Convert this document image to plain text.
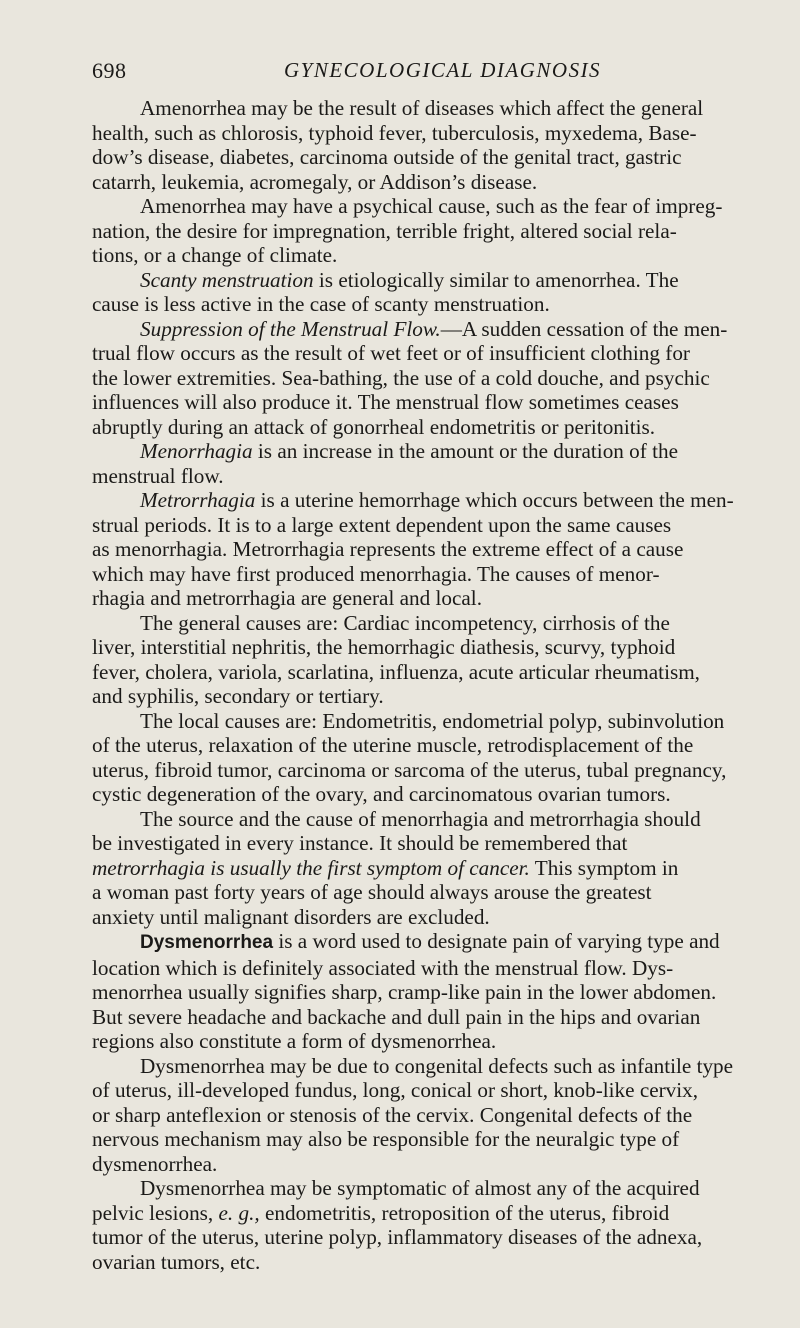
698	GYNECOLOGICAL DIAGNOSIS

Amenorrhea may be the result of diseases which affect the general
health, such as chlorosis, typhoid fever, tuberculosis, myxedema, Base-
dow’s disease, diabetes, carcinoma outside of the genital tract, gastric
catarrh, leukemia, acromegaly, or Addison’s disease.

Amenorrhea may have a psychical cause, such as the fear of impreg-
nation, the desire for impregnation, terrible fright, altered social rela-
tions, or a change of climate.

Scanty menstruation is etiologically similar to amenorrhea. The
cause is less active in the case of scanty menstruation.

Suppression of the Menstrual Flow.—A sudden cessation of the men-
trual flow occurs as the result of wet feet or of insufficient clothing for
the lower extremities. Sea-bathing, the use of a cold douche, and psychic
influences will also produce it. The menstrual flow sometimes ceases
abruptly during an attack of gonorrheal endometritis or peritonitis.

Menorrhagia is an increase in the amount or the duration of the
menstrual flow.

Metrorrhagia is a uterine hemorrhage which occurs between the men-
strual periods. It is to a large extent dependent upon the same causes
as menorrhagia. Metrorrhagia represents the extreme effect of a cause
which may have first produced menorrhagia. The causes of menor-
rhagia and metrorrhagia are general and local.

The general causes are: Cardiac incompetency, cirrhosis of the
liver, interstitial nephritis, the hemorrhagic diathesis, scurvy, typhoid
fever, cholera, variola, scarlatina, influenza, acute articular rheumatism,
and syphilis, secondary or tertiary.

The local causes are: Endometritis, endometrial polyp, subinvolution
of the uterus, relaxation of the uterine muscle, retrodisplacement of the
uterus, fibroid tumor, carcinoma or sarcoma of the uterus, tubal pregnancy,
cystic degeneration of the ovary, and carcinomatous ovarian tumors.

The source and the cause of menorrhagia and metrorrhagia should
be investigated in every instance. It should be remembered that
metrorrhagia is usually the first symptom of cancer. This symptom in
a woman past forty years of age should always arouse the greatest
anxiety until malignant disorders are excluded.

Dysmenorrhea is a word used to designate pain of varying type and
location which is definitely associated with the menstrual flow. Dys-
menorrhea usually signifies sharp, cramp-like pain in the lower abdomen.
But severe headache and backache and dull pain in the hips and ovarian
regions also constitute a form of dysmenorrhea.

Dysmenorrhea may be due to congenital defects such as infantile type
of uterus, ill-developed fundus, long, conical or short, knob-like cervix,
or sharp anteflexion or stenosis of the cervix. Congenital defects of the
nervous mechanism may also be responsible for the neuralgic type of
dysmenorrhea.

Dysmenorrhea may be symptomatic of almost any of the acquired
pelvic lesions, e. g., endometritis, retroposition of the uterus, fibroid
tumor of the uterus, uterine polyp, inflammatory diseases of the adnexa,
ovarian tumors, etc.
